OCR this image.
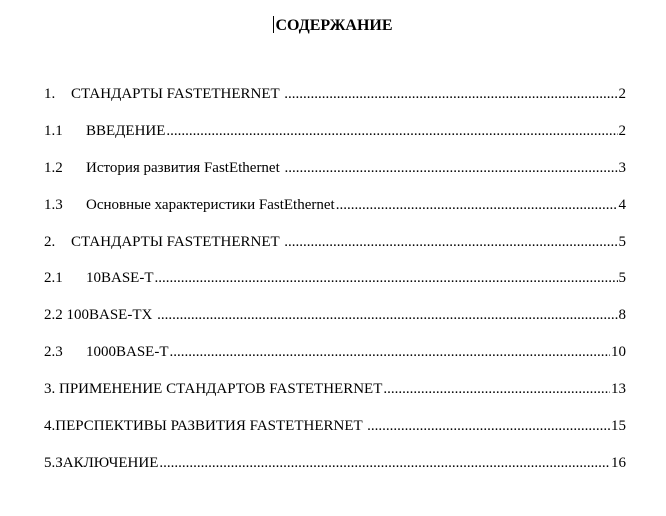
СОДЕРЖАНИЕ
1.	СТАНДАРТЫ FASTETHERNET .....	2
1.1	ВВЕДЕНИЕ .....	2
1.2	История развития FastEthernet .....	3
1.3	Основные характеристики FastEthernet .....	4
2.	СТАНДАРТЫ FASTETHERNET .....	5
2.1	10BASE-T .....	5
2.2 100BASE-TX .....	8
2.3	1000BASE-T .....	10
3. ПРИМЕНЕНИЕ СТАНДАРТОВ FASTETHERNET .....	13
4. ПЕРСПЕКТИВЫ РАЗВИТИЯ FASTETHERNET .....	15
5. ЗАКЛЮЧЕНИЕ .....	16
